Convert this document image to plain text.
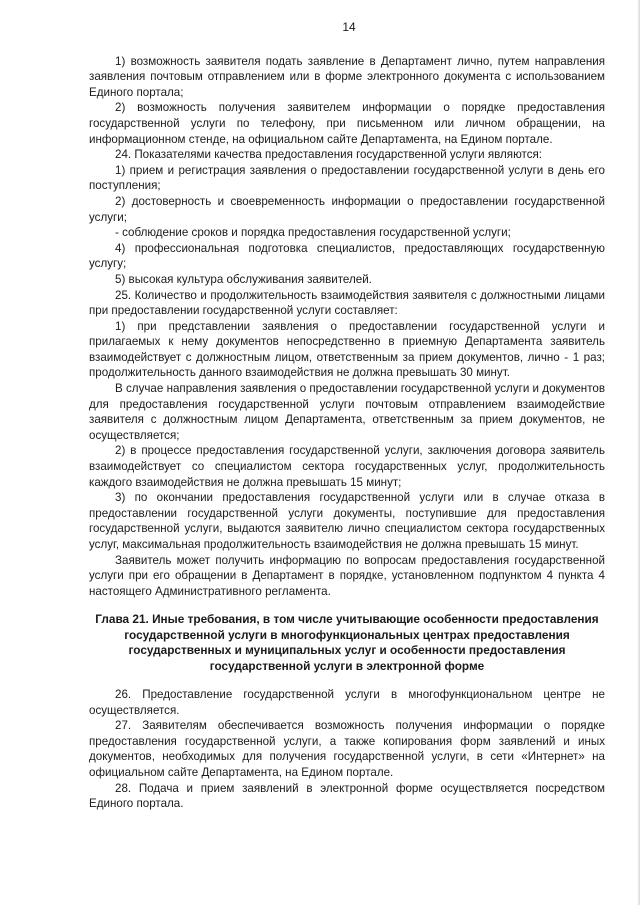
14

1) возможность заявителя подать заявление в Департамент лично, путем направления заявления почтовым отправлением или в форме электронного документа с использованием Единого портала;

2) возможность получения заявителем информации о порядке предоставления государственной услуги по телефону, при письменном или личном обращении, на информационном стенде, на официальном сайте Департамента, на Едином портале.

24. Показателями качества предоставления государственной услуги являются:

1) прием и регистрация заявления о предоставлении государственной услуги в день его поступления;

2) достоверность и своевременность информации о предоставлении государственной услуги;

- соблюдение сроков и порядка предоставления государственной услуги;

4) профессиональная подготовка специалистов, предоставляющих государственную услугу;

5) высокая культура обслуживания заявителей.

25. Количество и продолжительность взаимодействия заявителя с должностными лицами при предоставлении государственной услуги составляет:

1) при представлении заявления о предоставлении государственной услуги и прилагаемых к нему документов непосредственно в приемную Департамента заявитель взаимодействует с должностным лицом, ответственным за прием документов, лично - 1 раз; продолжительность данного взаимодействия не должна превышать 30 минут.

В случае направления заявления о предоставлении государственной услуги и документов для предоставления государственной услуги почтовым отправлением взаимодействие заявителя с должностным лицом Департамента, ответственным за прием документов, не осуществляется;

2) в процессе предоставления государственной услуги, заключения договора заявитель взаимодействует со специалистом сектора государственных услуг, продолжительность каждого взаимодействия не должна превышать 15 минут;

3) по окончании предоставления государственной услуги или в случае отказа в предоставлении государственной услуги документы, поступившие для предоставления государственной услуги, выдаются заявителю лично специалистом сектора государственных услуг, максимальная продолжительность взаимодействия не должна превышать 15 минут.

Заявитель может получить информацию по вопросам предоставления государственной услуги при его обращении в Департамент в порядке, установленном подпунктом 4 пункта 4 настоящего Административного регламента.

Глава 21. Иные требования, в том числе учитывающие особенности предоставления государственной услуги в многофункциональных центрах предоставления государственных и муниципальных услуг и особенности предоставления государственной услуги в электронной форме

26. Предоставление государственной услуги в многофункциональном центре не осуществляется.

27. Заявителям обеспечивается возможность получения информации о порядке предоставления государственной услуги, а также копирования форм заявлений и иных документов, необходимых для получения государственной услуги, в сети «Интернет» на официальном сайте Департамента, на Едином портале.

28. Подача и прием заявлений в электронной форме осуществляется посредством Единого портала.
